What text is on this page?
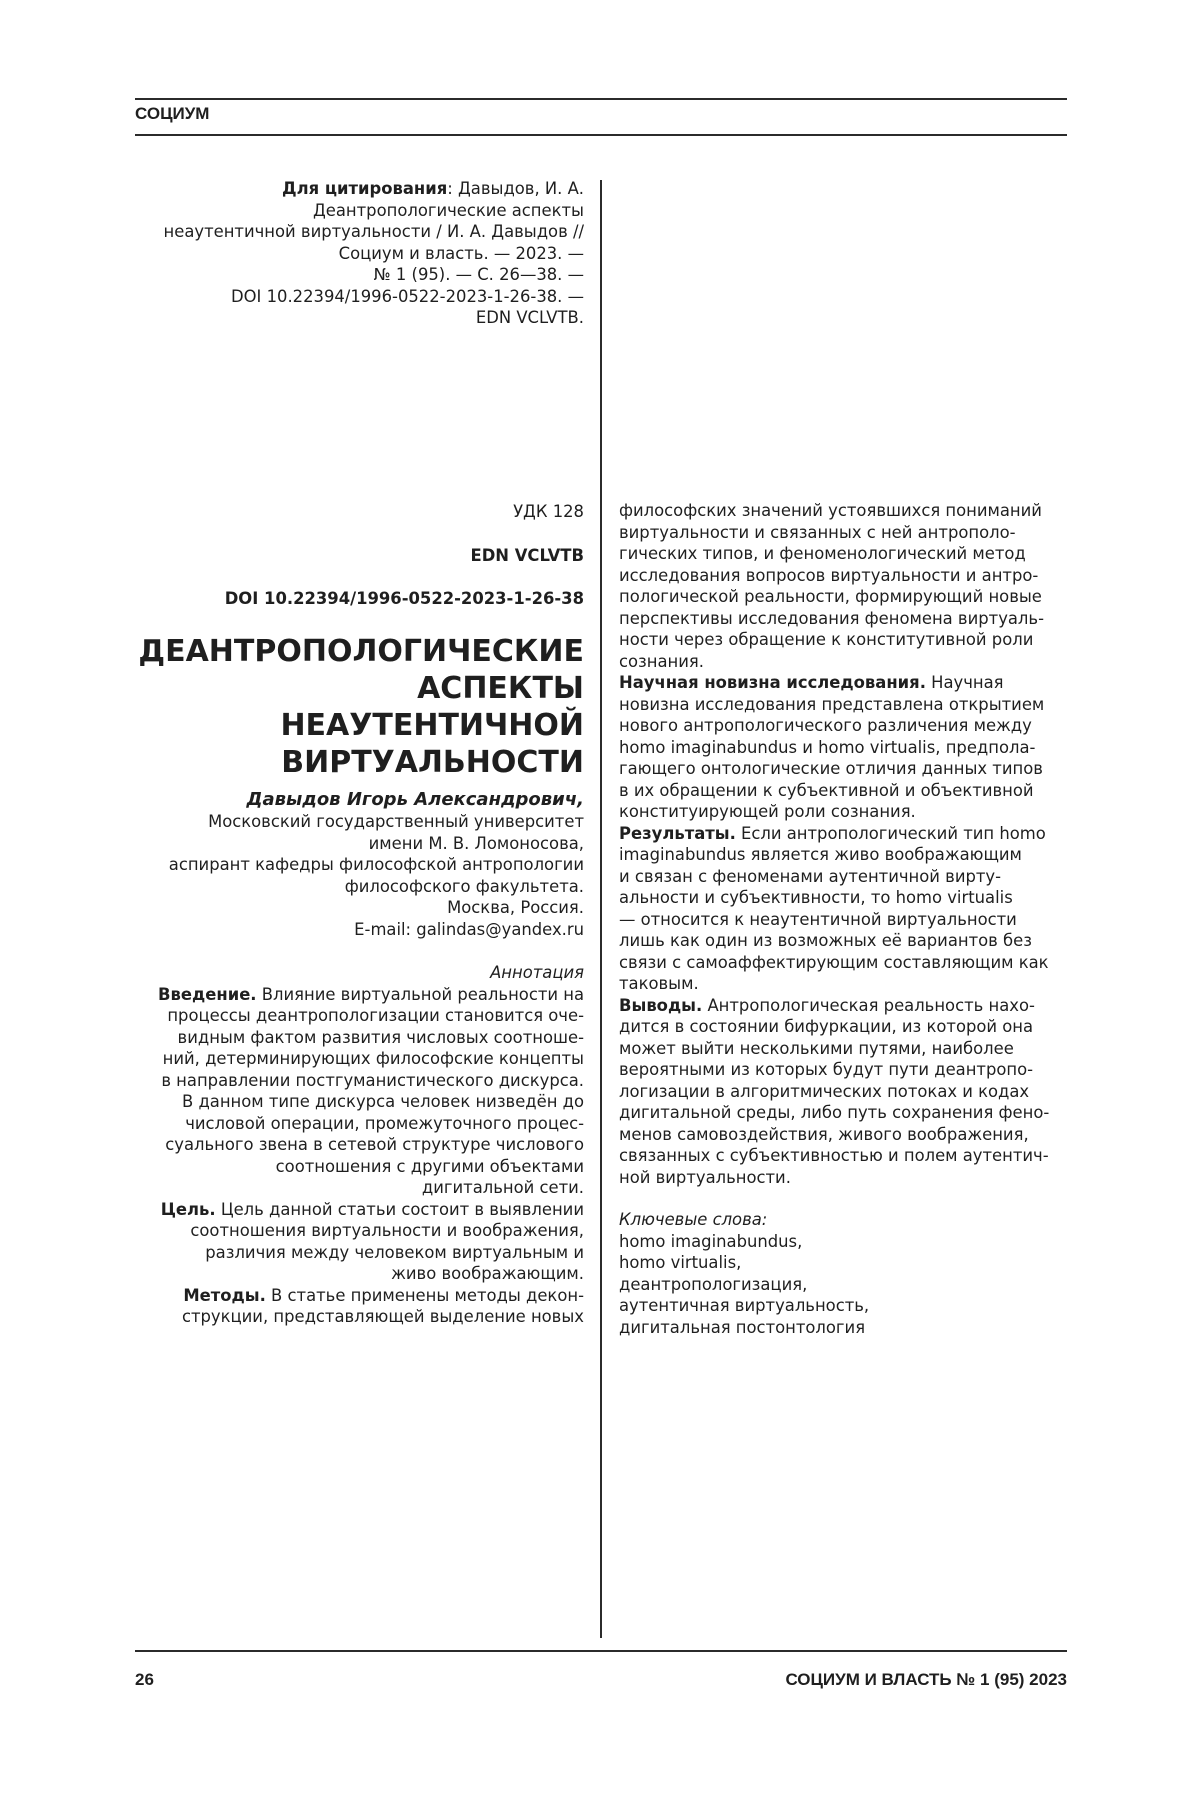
СОЦИУМ
Для цитирования: Давыдов, И. А.
Деантропологические аспекты
неаутентичной виртуальности / И. А. Давыдов //
Социум и власть. — 2023. —
№ 1 (95). — С. 26—38. —
DOI 10.22394/1996-0522-2023-1-26-38. —
EDN VCLVTB.
УДК 128
EDN VCLVTB
DOI 10.22394/1996-0522-2023-1-26-38
ДЕАНТРОПОЛОГИЧЕСКИЕ
АСПЕКТЫ
НЕАУТЕНТИЧНОЙ
ВИРТУАЛЬНОСТИ
Давыдов Игорь Александрович,
Московский государственный университет
имени М. В. Ломоносова,
аспирант кафедры философской антропологии
философского факультета.
Москва, Россия.
E-mail: galindas@yandex.ru
Аннотация
Введение. Влияние виртуальной реальности на
процессы деантропологизации становится оче-
видным фактом развития числовых соотноше-
ний, детерминирующих философские концепты
в направлении постгуманистического дискурса.
В данном типе дискурса человек низведён до
числовой операции, промежуточного процес-
суального звена в сетевой структуре числового
соотношения с другими объектами
дигитальной сети.
Цель. Цель данной статьи состоит в выявлении
соотношения виртуальности и воображения,
различия между человеком виртуальным и
живо воображающим.
Методы. В статье применены методы декон-
струкции, представляющей выделение новых
философских значений устоявшихся пониманий
виртуальности и связанных с ней антрополо-
гических типов, и феноменологический метод
исследования вопросов виртуальности и антро-
пологической реальности, формирующий новые
перспективы исследования феномена виртуаль-
ности через обращение к конститутивной роли
сознания.
Научная новизна исследования. Научная
новизна исследования представлена открытием
нового антропологического различения между
homo imaginabundus и homo virtualis, предпола-
гающего онтологические отличия данных типов
в их обращении к субъективной и объективной
конституирующей роли сознания.
Результаты. Если антропологический тип homo
imaginabundus является живо воображающим
и связан с феноменами аутентичной вирту-
альности и субъективности, то homo virtualis
— относится к неаутентичной виртуальности
лишь как один из возможных её вариантов без
связи с самоаффектирующим составляющим как
таковым.
Выводы. Антропологическая реальность нахо-
дится в состоянии бифуркации, из которой она
может выйти несколькими путями, наиболее
вероятными из которых будут пути деантропо-
логизации в алгоритмических потоках и кодах
дигитальной среды, либо путь сохранения фено-
менов самовоздействия, живого воображения,
связанных с субъективностью и полем аутентич-
ной виртуальности.
Ключевые слова:
homo imaginabundus,
homo virtualis,
деантропологизация,
аутентичная виртуальность,
дигитальная постонтология
26	СОЦИУМ И ВЛАСТЬ № 1 (95) 2023
